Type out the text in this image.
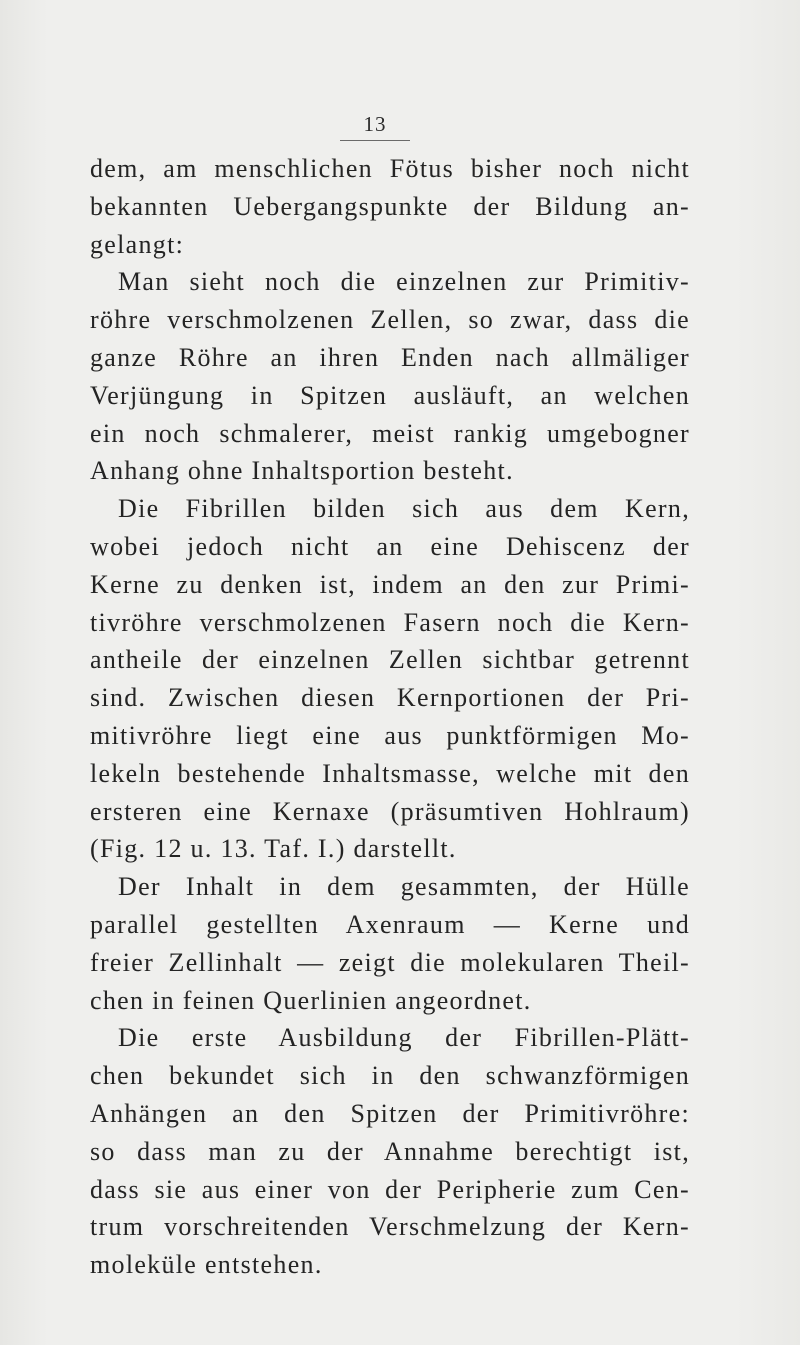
13
dem, am menschlichen Fötus bisher noch nicht
bekannten Uebergangspunkte der Bildung an-
gelangt:
Man sieht noch die einzelnen zur Primitiv-
röhre verschmolzenen Zellen, so zwar, dass die
ganze Röhre an ihren Enden nach allmäliger
Verjüngung in Spitzen ausläuft, an welchen
ein noch schmalerer, meist rankig umgebogner
Anhang ohne Inhaltsportion besteht.
Die Fibrillen bilden sich aus dem Kern,
wobei jedoch nicht an eine Dehiscenz der
Kerne zu denken ist, indem an den zur Primi-
tivröhre verschmolzenen Fasern noch die Kern-
antheile der einzelnen Zellen sichtbar getrennt
sind. Zwischen diesen Kernportionen der Pri-
mitivröhre liegt eine aus punktförmigen Mo-
lekeln bestehende Inhaltsmasse, welche mit den
ersteren eine Kernaxe (präsumtiven Hohlraum)
(Fig. 12 u. 13. Taf. I.) darstellt.
Der Inhalt in dem gesammten, der Hülle
parallel gestellten Axenraum — Kerne und
freier Zellinhalt — zeigt die molekularen Theil-
chen in feinen Querlinien angeordnet.
Die erste Ausbildung der Fibrillen-Plätt-
chen bekundet sich in den schwanzförmigen
Anhängen an den Spitzen der Primitivröhre:
so dass man zu der Annahme berechtigt ist,
dass sie aus einer von der Peripherie zum Cen-
trum vorschreitenden Verschmelzung der Kern-
moleküle entstehen.
